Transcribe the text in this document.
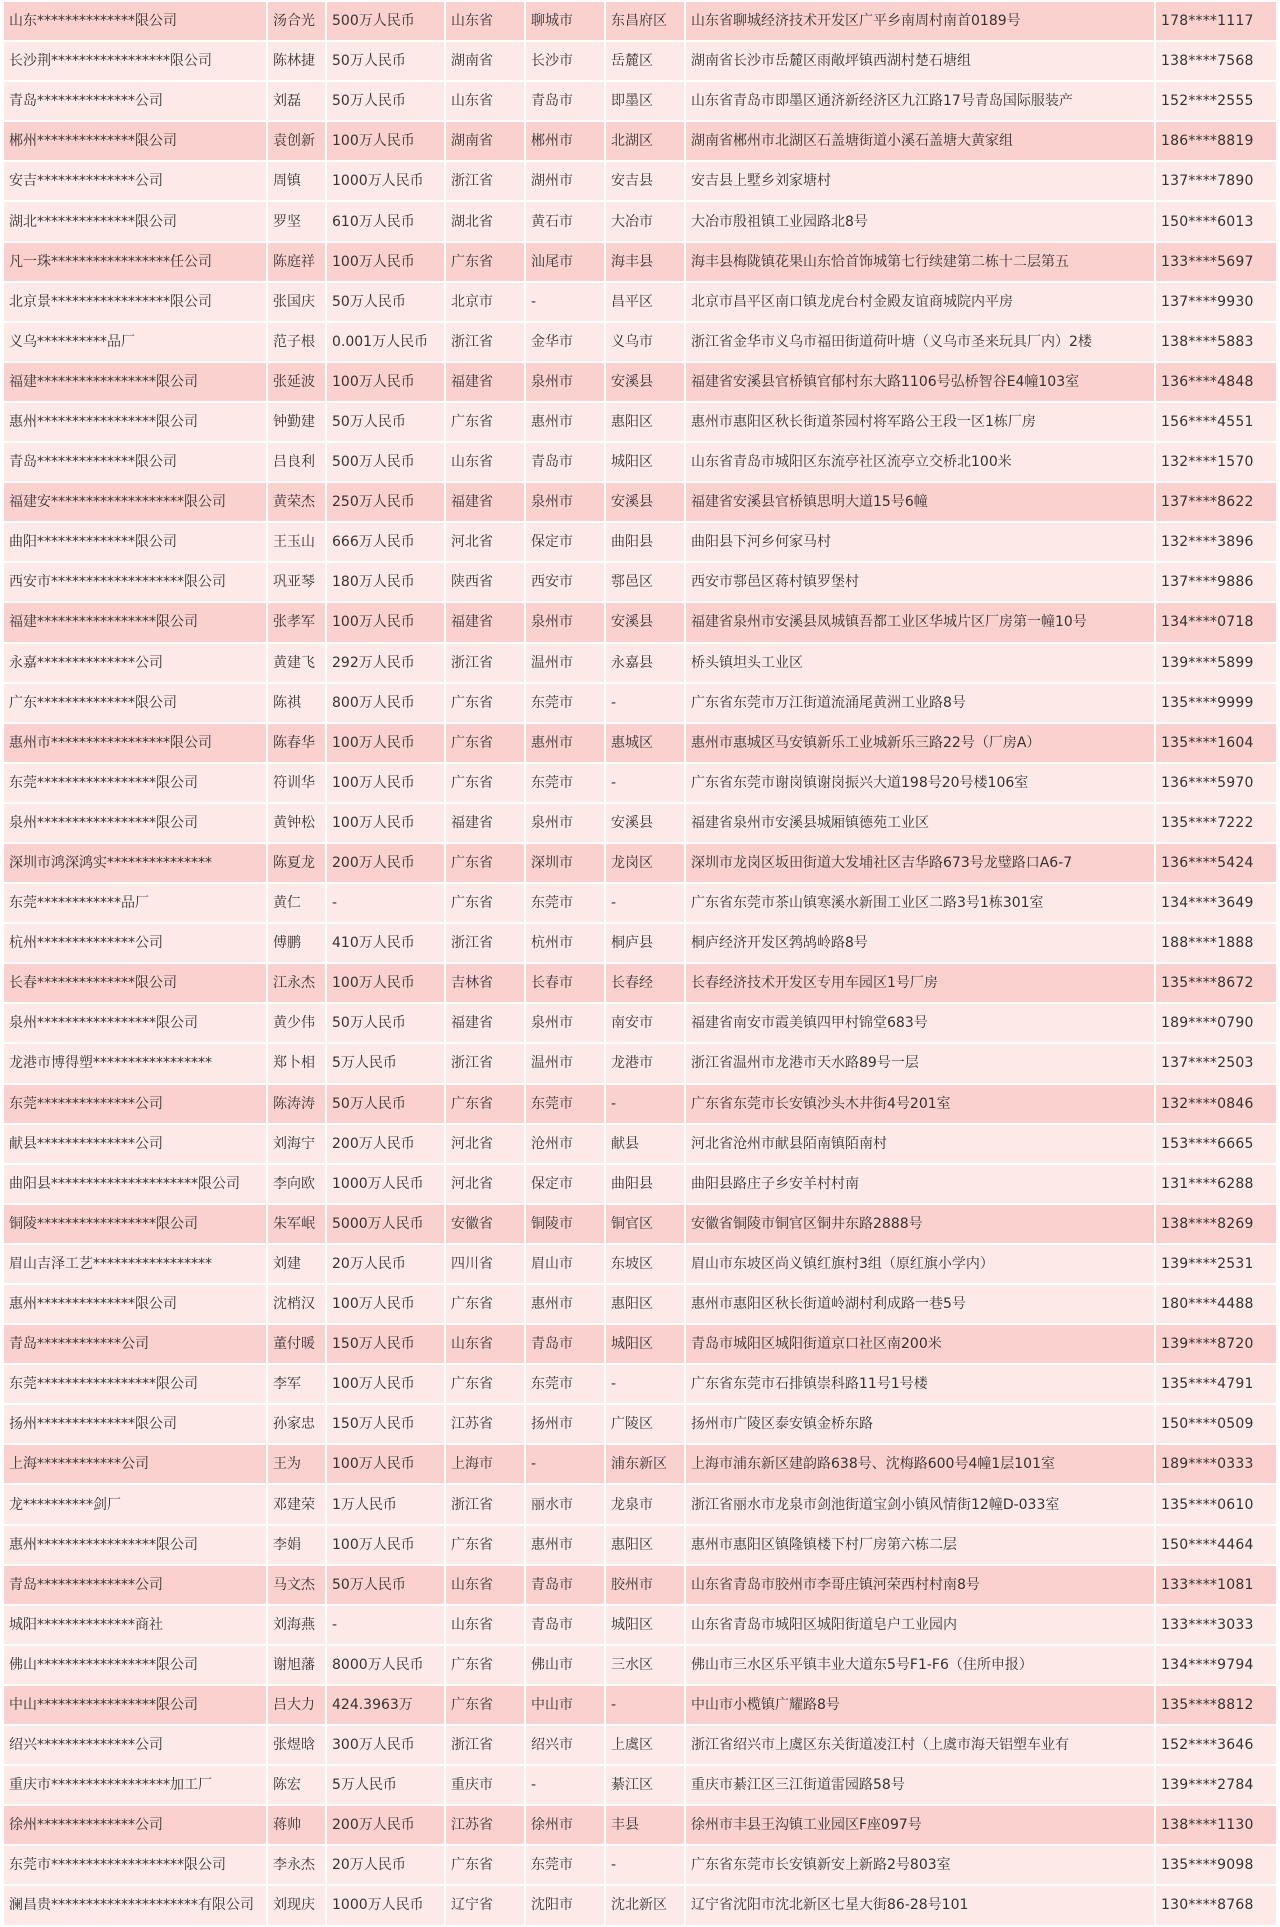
山东**************限公司	汤合光	500万人民币	山东省	聊城市	东昌府区	山东省聊城经济技术开发区广平乡南周村南首0189号	178****1117
长沙荆*****************限公司	陈林捷	50万人民币	湖南省	长沙市	岳麓区	湖南省长沙市岳麓区雨敞坪镇西湖村楚石塘组	138****7568
青岛**************公司	刘磊	50万人民币	山东省	青岛市	即墨区	山东省青岛市即墨区通济新经济区九江路17号青岛国际服装产	152****2555
郴州**************限公司	袁创新	100万人民币	湖南省	郴州市	北湖区	湖南省郴州市北湖区石盖塘街道小溪石盖塘大黄家组	186****8819
安吉**************公司	周镇	1000万人民币	浙江省	湖州市	安吉县	安吉县上墅乡刘家塘村	137****7890
湖北**************限公司	罗坚	610万人民币	湖北省	黄石市	大冶市	大冶市殷祖镇工业园路北8号	150****6013
凡一珠*****************任公司	陈庭祥	100万人民币	广东省	汕尾市	海丰县	海丰县梅陇镇花果山东恰首饰城第七行续建第二栋十二层第五	133****5697
北京景*****************限公司	张国庆	50万人民币	北京市	-	昌平区	北京市昌平区南口镇龙虎台村金殿友谊商城院内平房	137****9930
义乌**********品厂	范子根	0.001万人民币	浙江省	金华市	义乌市	浙江省金华市义乌市福田街道荷叶塘（义乌市圣来玩具厂内）2楼	138****5883
福建*****************限公司	张延波	100万人民币	福建省	泉州市	安溪县	福建省安溪县官桥镇官郁村东大路1106号弘桥智谷E4幢103室	136****4848
惠州*****************限公司	钟勤建	50万人民币	广东省	惠州市	惠阳区	惠州市惠阳区秋长街道茶园村将军路公王段一区1栋厂房	156****4551
青岛**************限公司	吕良利	500万人民币	山东省	青岛市	城阳区	山东省青岛市城阳区东流亭社区流亭立交桥北100米	132****1570
福建安*******************限公司	黄荣杰	250万人民币	福建省	泉州市	安溪县	福建省安溪县官桥镇思明大道15号6幢	137****8622
曲阳**************限公司	王玉山	666万人民币	河北省	保定市	曲阳县	曲阳县下河乡何家马村	132****3896
西安市*******************限公司	巩亚琴	180万人民币	陕西省	西安市	鄠邑区	西安市鄠邑区蒋村镇罗堡村	137****9886
福建*****************限公司	张孝军	100万人民币	福建省	泉州市	安溪县	福建省泉州市安溪县凤城镇吾都工业区华城片区厂房第一幢10号	134****0718
永嘉**************公司	黄建飞	292万人民币	浙江省	温州市	永嘉县	桥头镇坦头工业区	139****5899
广东**************限公司	陈祺	800万人民币	广东省	东莞市	-	广东省东莞市万江街道流涌尾黄洲工业路8号	135****9999
惠州市*****************限公司	陈春华	100万人民币	广东省	惠州市	惠城区	惠州市惠城区马安镇新乐工业城新乐三路22号（厂房A）	135****1604
东莞*****************限公司	符训华	100万人民币	广东省	东莞市	-	广东省东莞市谢岗镇谢岗振兴大道198号20号楼106室	136****5970
泉州*****************限公司	黄钟松	100万人民币	福建省	泉州市	安溪县	福建省泉州市安溪县城厢镇德苑工业区	135****7222
深圳市鸿深鸿实***************	陈夏龙	200万人民币	广东省	深圳市	龙岗区	深圳市龙岗区坂田街道大发埔社区吉华路673号龙璧路口A6-7	136****5424
东莞************品厂	黄仁	-	广东省	东莞市	-	广东省东莞市茶山镇寒溪水新围工业区二路3号1栋301室	134****3649
杭州**************公司	傅鹏	410万人民币	浙江省	杭州市	桐庐县	桐庐经济开发区鹁鸪岭路8号	188****1888
长春**************限公司	江永杰	100万人民币	吉林省	长春市	长春经	长春经济技术开发区专用车园区1号厂房	135****8672
泉州*****************限公司	黄少伟	50万人民币	福建省	泉州市	南安市	福建省南安市霞美镇四甲村锦堂683号	189****0790
龙港市博得塑*****************	郑卜相	5万人民币	浙江省	温州市	龙港市	浙江省温州市龙港市天水路89号一层	137****2503
东莞**************公司	陈涛涛	50万人民币	广东省	东莞市	-	广东省东莞市长安镇沙头木井街4号201室	132****0846
献县**************公司	刘海宁	200万人民币	河北省	沧州市	献县	河北省沧州市献县陌南镇陌南村	153****6665
曲阳县*********************限公司	李向欧	1000万人民币	河北省	保定市	曲阳县	曲阳县路庄子乡安羊村村南	131****6288
铜陵*****************限公司	朱军岷	5000万人民币	安徽省	铜陵市	铜官区	安徽省铜陵市铜官区铜井东路2888号	138****8269
眉山吉泽工艺*****************	刘建	20万人民币	四川省	眉山市	东坡区	眉山市东坡区尚义镇红旗村3组（原红旗小学内）	139****2531
惠州**************限公司	沈梢汉	100万人民币	广东省	惠州市	惠阳区	惠州市惠阳区秋长街道岭湖村利成路一巷5号	180****4488
青岛************公司	董付暖	150万人民币	山东省	青岛市	城阳区	青岛市城阳区城阳街道京口社区南200米	139****8720
东莞*****************限公司	李军	100万人民币	广东省	东莞市	-	广东省东莞市石排镇崇科路11号1号楼	135****4791
扬州**************限公司	孙家忠	150万人民币	江苏省	扬州市	广陵区	扬州市广陵区泰安镇金桥东路	150****0509
上海************公司	王为	100万人民币	上海市	-	浦东新区	上海市浦东新区建韵路638号、沈梅路600号4幢1层101室	189****0333
龙**********剑厂	邓建荣	1万人民币	浙江省	丽水市	龙泉市	浙江省丽水市龙泉市剑池街道宝剑小镇风情街12幢D-033室	135****0610
惠州*****************限公司	李娟	100万人民币	广东省	惠州市	惠阳区	惠州市惠阳区镇隆镇楼下村厂房第六栋二层	150****4464
青岛**************公司	马文杰	50万人民币	山东省	青岛市	胶州市	山东省青岛市胶州市李哥庄镇河荣西村村南8号	133****1081
城阳**************商社	刘海燕	-	山东省	青岛市	城阳区	山东省青岛市城阳区城阳街道皂户工业园内	133****3033
佛山*****************限公司	谢旭藩	8000万人民币	广东省	佛山市	三水区	佛山市三水区乐平镇丰业大道东5号F1-F6（住所申报）	134****9794
中山*****************限公司	吕大力	424.3963万	广东省	中山市	-	中山市小榄镇广耀路8号	135****8812
绍兴**************公司	张煜晗	300万人民币	浙江省	绍兴市	上虞区	浙江省绍兴市上虞区东关街道凌江村（上虞市海天铝塑车业有	152****3646
重庆市*****************加工厂	陈宏	5万人民币	重庆市	-	綦江区	重庆市綦江区三江街道雷园路58号	139****2784
徐州**************公司	蒋帅	200万人民币	江苏省	徐州市	丰县	徐州市丰县王沟镇工业园区F座097号	138****1130
东莞市*******************限公司	李永杰	20万人民币	广东省	东莞市	-	广东省东莞市长安镇新安上新路2号803室	135****9098
澜昌贵*********************有限公司	刘现庆	1000万人民币	辽宁省	沈阳市	沈北新区	辽宁省沈阳市沈北新区七星大街86-28号101	130****8768
